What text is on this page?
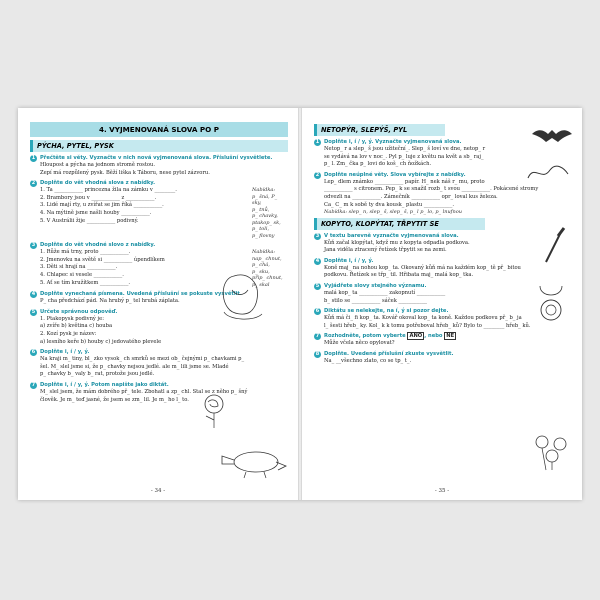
4. VYJMENOVANÁ SLOVA PO P
PÝCHA, PYTEL, PYSK
1 Přečtěte si věty. Vyznačte v nich nová vyjmenovaná slova. Příslušní vysvětlete.
Hloupost a pýcha na jednom stromě rostou.
Zepí má rozpůlený pysk. Běží liška k Táboru, nese pytel zázvoru.
2 Doplňte do vět vhodná slova z nabídky.
1. Ta ___________ princezna žila na zámku v ________.
2. Brambory jsou v ___________ z ___________.
3. Lidé mají rty, u zvířat se jim říká ___________.
4. Na mýtině jsme našli houby ___________.
5. V Austrálii žije ___________ podivný.
Nabídka:
p_ šná, P_ sky,
p_ tnů,
p_ chavky,
ptakop_ sk,
p_ toli,
p_ flovny
3 Doplňte do vět vhodné slovo z nabídky.
1. Růže má trny, proto ___________.
2. Jmenovku na světě si ___________ úpendlíkem
3. Děti si hrají na ___________.
4. Chlapec si vesele ___________.
5. Ať se tím kružítkem ___________.
Nabídka:
nap_ chnut,
p_ chá,
p_ sku,
přip_ chnut,
p_ skal
4 Doplňte vynechaná písmena. Uvedená příslušní se pokuste vysvětlit.
P_ cha předchází pád. Na hrubý p_ tel hrubá záplata.
5 Určete správnou odpověď.
1. Ptakopysk podivný je:
a) zvíře b) květina c) houba
2. Kozí pysk je název:
a) lesního keře b) houby c) jedovatého plevele
6 Doplňte i, í / y, ý.
Na kraji m_ tiny, bl_ zko vysok_ ch smrků se mezi ob_ čejnými p_ chavkami p_
šel. M_ slel jsme si, že p_ chavky nejsou jedlé. ale m_ lili jsme se. Mladé
p_ chavky b_ valy b_ rat, protože jsou jedlé.
7 Doplňte i, í / y, ý. Potom napište jako diktát.
M_ slel jsem, že mám dobrého př_ tele. Zbohatl a zp_ chl. Stal se z něho p_ šný
člověk. Je m_ teď jasné, že jsem se zm_ lil. Je m_ ho l_ to.
- 34 -
NETOPÝR, SLEPÝŠ, PYL
1 Doplňte i, í / y, ý. Vyznačte vyjmenovaná slova.
Netop_ r a slep_ š jsou užiteční_. Slep_ š loví ve dne, netop_ r
se vydává na lov v noc_. Pyl p_ luje z květu na květ a sb_ raj_
p_ l. Zm_ čka p_ lovi do koš_ ch ňožkách.
2 Doplňte neúplné věty. Slova vybírejte z nabídky.
Lep_ dlem známko ___________ papír. H_ nek náš r_ mu, proto
___________ s citronem. Pep_ k se snažil rozb_ t svou ___________. Pokácené stromy
odvezli na ___________. Zámečník ___________ opr_ loval kus železa.
Ca_ C_ m k sobě ty dva kousk_ plastu ___________.
Nabídka: slep_ n, slep_ š, slep_ š, p_ l p_ lo, p_ lnufnou
KOPYTO, KLOPÝTAT, TŘPYTIT SE
3 V textu barevně vyznačte vyjmenovaná slova.
Kůň začal klopýtat, když mu z kopyta odpadla podkova.
Jana viděla ztracený řetízek třpytit se na zemi.
4 Doplňte i, í / y, ý.
Koně maj_ na nohou kop_ ta. Okovaný kůň má na každém kop_ tě př_ bitou
podkovu. Řetízek se třp_ til. Hřibata maj_ malá kop_ tka.
5 Vyjádřete slovy stejného významu.
malá kop_ ta ___________ zakopnutí ___________
b_ stilo se ___________ sáček ___________
6 Diktátu se nelekejte, na í, ý si pozor dejte.
Kůň má či_ fi kop_ ta. Kovář okoval kop_ ta koně. Každou podkovu př_ b_ ja
l_ šesti hřeb_ ky. Kol_ k k tomu potřeboval hřeb_ ků? Bylo to ________ hřeb_ ků.
7 Rozhodněte, potom vyberte ANO , nebo NE
Může včela něco opylovat?
8 Doplňte. Uvedené příslušní zkuste vysvětlit.
Na_ __všechno zlato, co se tp_ t_.
- 35 -
